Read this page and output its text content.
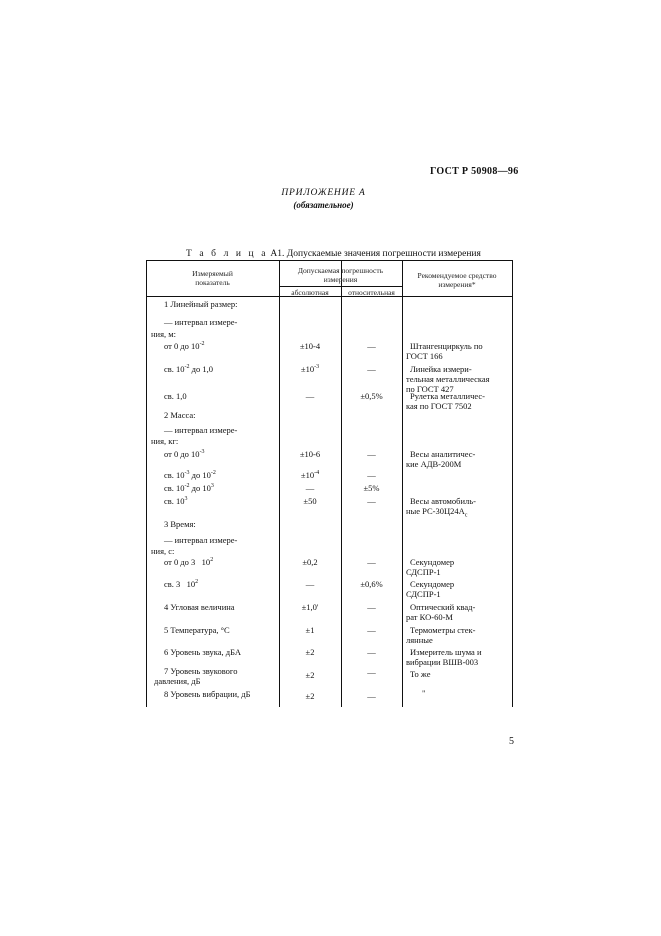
ГОСТ Р 50908—96
ПРИЛОЖЕНИЕ А
(обязательное)
Т а б л и ц а А1. Допускаемые значения погрешности измерения
Измеряемый
показатель
Допускаемая погрешность
измерения
абсолютная	относительная
Рекомендуемое средство
измерения*
1 Линейный размер:
— интервал измере-
ния, м:
от 0 до $10^{-2}$	±10-4	—	Штангенциркуль по
ГОСТ 166
св. $10^{-2}$ до 1,0	$\pm 10^{-3}$	—	Линейка измери-
тельная металлическая
по ГОСТ 427
св. 1,0	—	±0,5%	Рулетка металличес-
кая по ГОСТ 7502
2 Масса:
— интервал измере-
ния, кг:
от 0 до $10^{-3}$	±10-6	—	Весы аналитичес-
кие АДВ-200М
св. $10^{-3}$ до $10^{-2}$	$\pm 10^{-4}$	—
св. $10^{-2}$ до $10^3$	—	±5%
св. $10^3$	±50	—	Весы автомобиль-
ные $РС-30Ц24А_с$
3 Время:
— интервал измере-
ния, с:
от 0 до 3   $10^2$	±0,2	—	Секундомер
СДСПР-1
св. 3   $10^2$	—	±0,6%	Секундомер
СДСПР-1
4 Угловая величина	±1,0'	—	Оптический квад-
рат КО-60-М
5 Температура, °С	±1	—	Термометры стек-
лянные
6 Уровень звука, дБА	±2	—	Измеритель шума и
вибрации ВШВ-003
7 Уровень звукового
давления, дБ
±2	—	То же
8 Уровень вибрации, дБ	±2	—	"
5
